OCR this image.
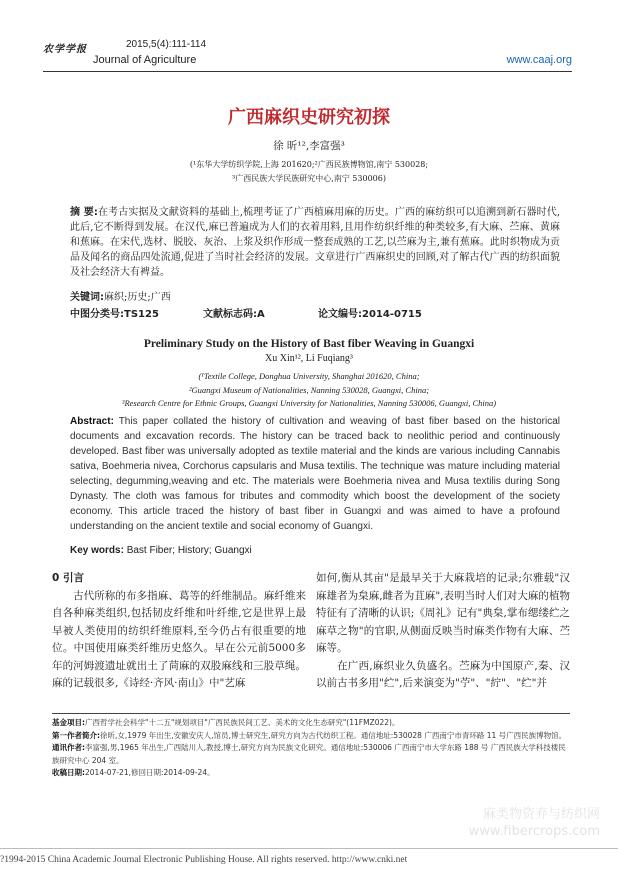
农学学报	2015,5(4):111-114
Journal of Agriculture	www.caaj.org
广西麻织史研究初探
徐 昕¹²,李富强³
(¹东华大学纺织学院,上海 201620;²广西民族博物馆,南宁 530028;
³广西民族大学民族研究中心,南宁 530006)
摘 要:在考古实据及文献资料的基础上,梳理考证了广西植麻用麻的历史。广西的麻纺织可以追溯到新石器时代,此后,它不断得到发展。在汉代,麻已普遍成为人们的衣着用料,且用作纺织纤维的种类较多,有大麻、苎麻、黄麻和蕉麻。在宋代,选材、脱胶、灰治、上浆及织作形成一整套成熟的工艺,以苎麻为主,兼有蕉麻。此时织物成为贡品及闻名的商品四处流通,促进了当时社会经济的发展。文章进行广西麻织史的回顾,对了解古代广西的纺织面貌及社会经济大有裨益。
关键词:麻织;历史;广西
中图分类号:TS125	文献标志码:A	论文编号:2014-0715
Preliminary Study on the History of Bast fiber Weaving in Guangxi
Xu Xin¹², Li Fuqiang³
(¹Textile College, Donghua University, Shanghai 201620, China;
²Guangxi Museum of Nationalities, Nanning 530028, Guangxi, China;
³Research Centre for Ethnic Groups, Guangxi University for Nationalities, Nanning 530006, Guangxi, China)
Abstract: This paper collated the history of cultivation and weaving of bast fiber based on the historical documents and excavation records. The history can be traced back to neolithic period and continuously developed. Bast fiber was universally adopted as textile material and the kinds are various including Cannabis sativa, Boehmeria nivea, Corchorus capsularis and Musa textilis. The technique was mature including material selecting, degumming,weaving and etc. The materials were Boehmeria nivea and Musa textilis during Song Dynasty. The cloth was famous for tributes and commodity which boost the development of the society economy. This article traced the history of bast fiber in Guangxi and was aimed to have a profound understanding on the ancient textile and social economy of Guangxi.
Key words: Bast Fiber; History; Guangxi
0 引言
古代所称的布多指麻、葛等的纤维制品。麻纤维来自各种麻类组织,包括韧皮纤维和叶纤维,它是世界上最早被人类使用的纺织纤维原料,至今仍占有很重要的地位。中国使用麻类纤维历史悠久。早在公元前5000多年的河姆渡遗址就出土了苘麻的双股麻线和三股草绳。麻的记载很多,《诗经·齐风·南山》中"艺麻
如何,衡从其亩"是最早关于大麻栽培的记录;尔雅载"汉麻雄者为枲麻,雌者为苴麻",表明当时人们对大麻的植物特征有了清晰的认识;《周礼》记有"典枲,掌布缌缕纻之麻草之物"的官职,从侧面反映当时麻类作物有大麻、苎麻等。
在广西,麻织业久负盛名。苎麻为中国原产,秦、汉以前古书多用"纻",后来演变为"苧"、"紵"、"纻"并

基金项目:广西哲学社会科学"十二五"规划项目"广西民族民间工艺、美术的文化生态研究"(11FMZ022)。

第一作者简介:徐昕,女,1979 年出生,安徽安庆人,馆员,博士研究生,研究方向为古代纺织工程。通信地址:530028 广西南宁市青环路 11 号广西民族博物馆。

通讯作者:李富强,男,1965 年出生,广西陆川人,教授,博士,研究方向为民族文化研究。通信地址:530006 广西南宁市大学东路 188 号 广西民族大学科技楼民族研究中心 204 室。

收稿日期:2014-07-21,修回日期:2014-09-24。

麻类物资弃与纺织网
www.fibercrops.com
?1994-2015 China Academic Journal Electronic Publishing House. All rights reserved. http://www.cnki.net
